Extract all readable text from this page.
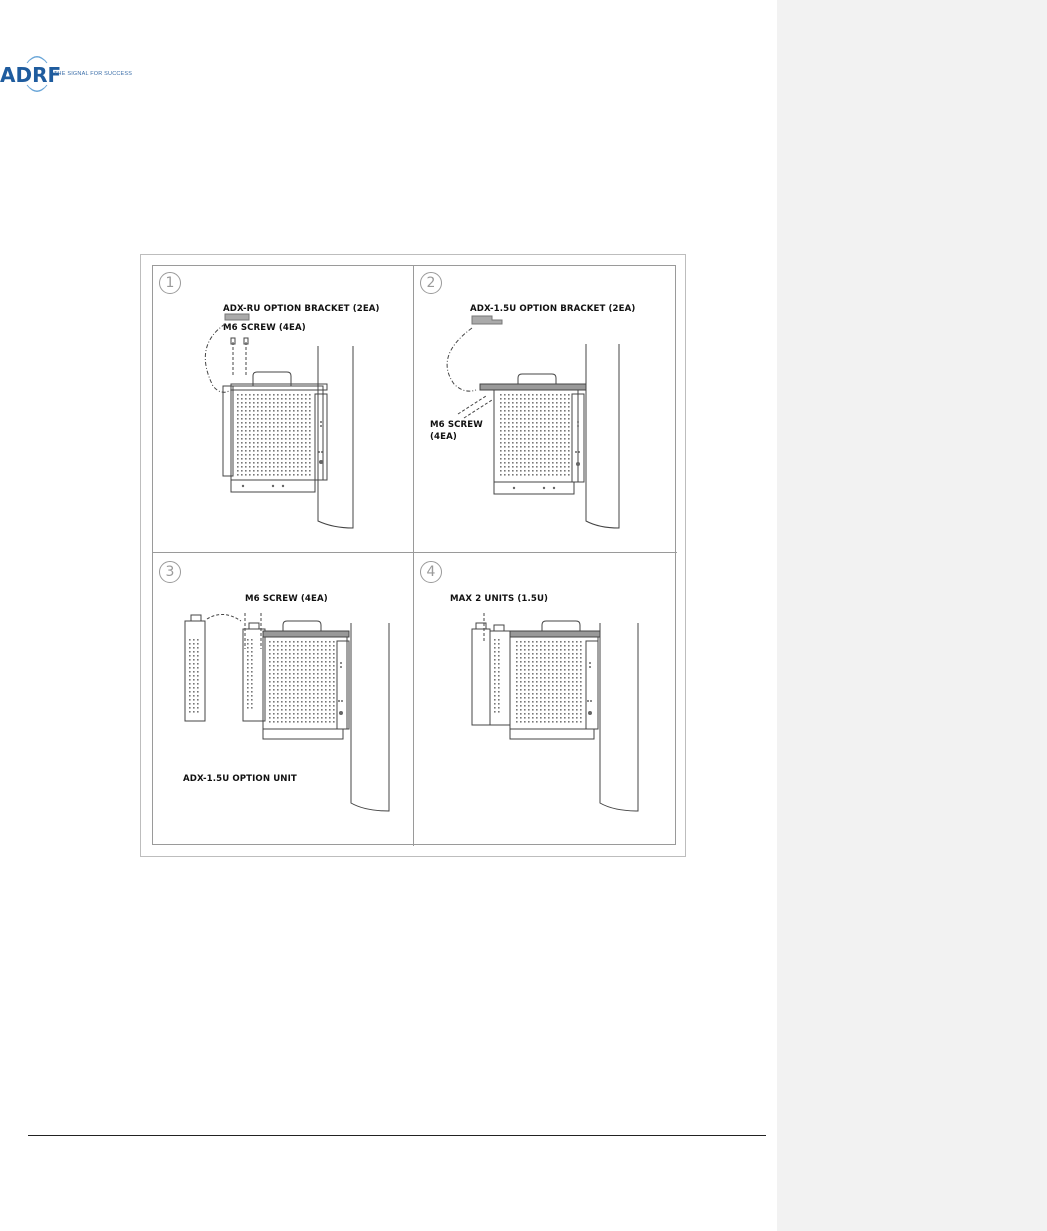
ADRF
THE SIGNAL FOR SUCCESS
1
ADX-RU OPTION BRACKET (2EA)
M6 SCREW (4EA)
2
ADX-1.5U OPTION BRACKET (2EA)
M6 SCREW
(4EA)
3
M6 SCREW (4EA)
ADX-1.5U OPTION UNIT
4
MAX 2 UNITS (1.5U)
